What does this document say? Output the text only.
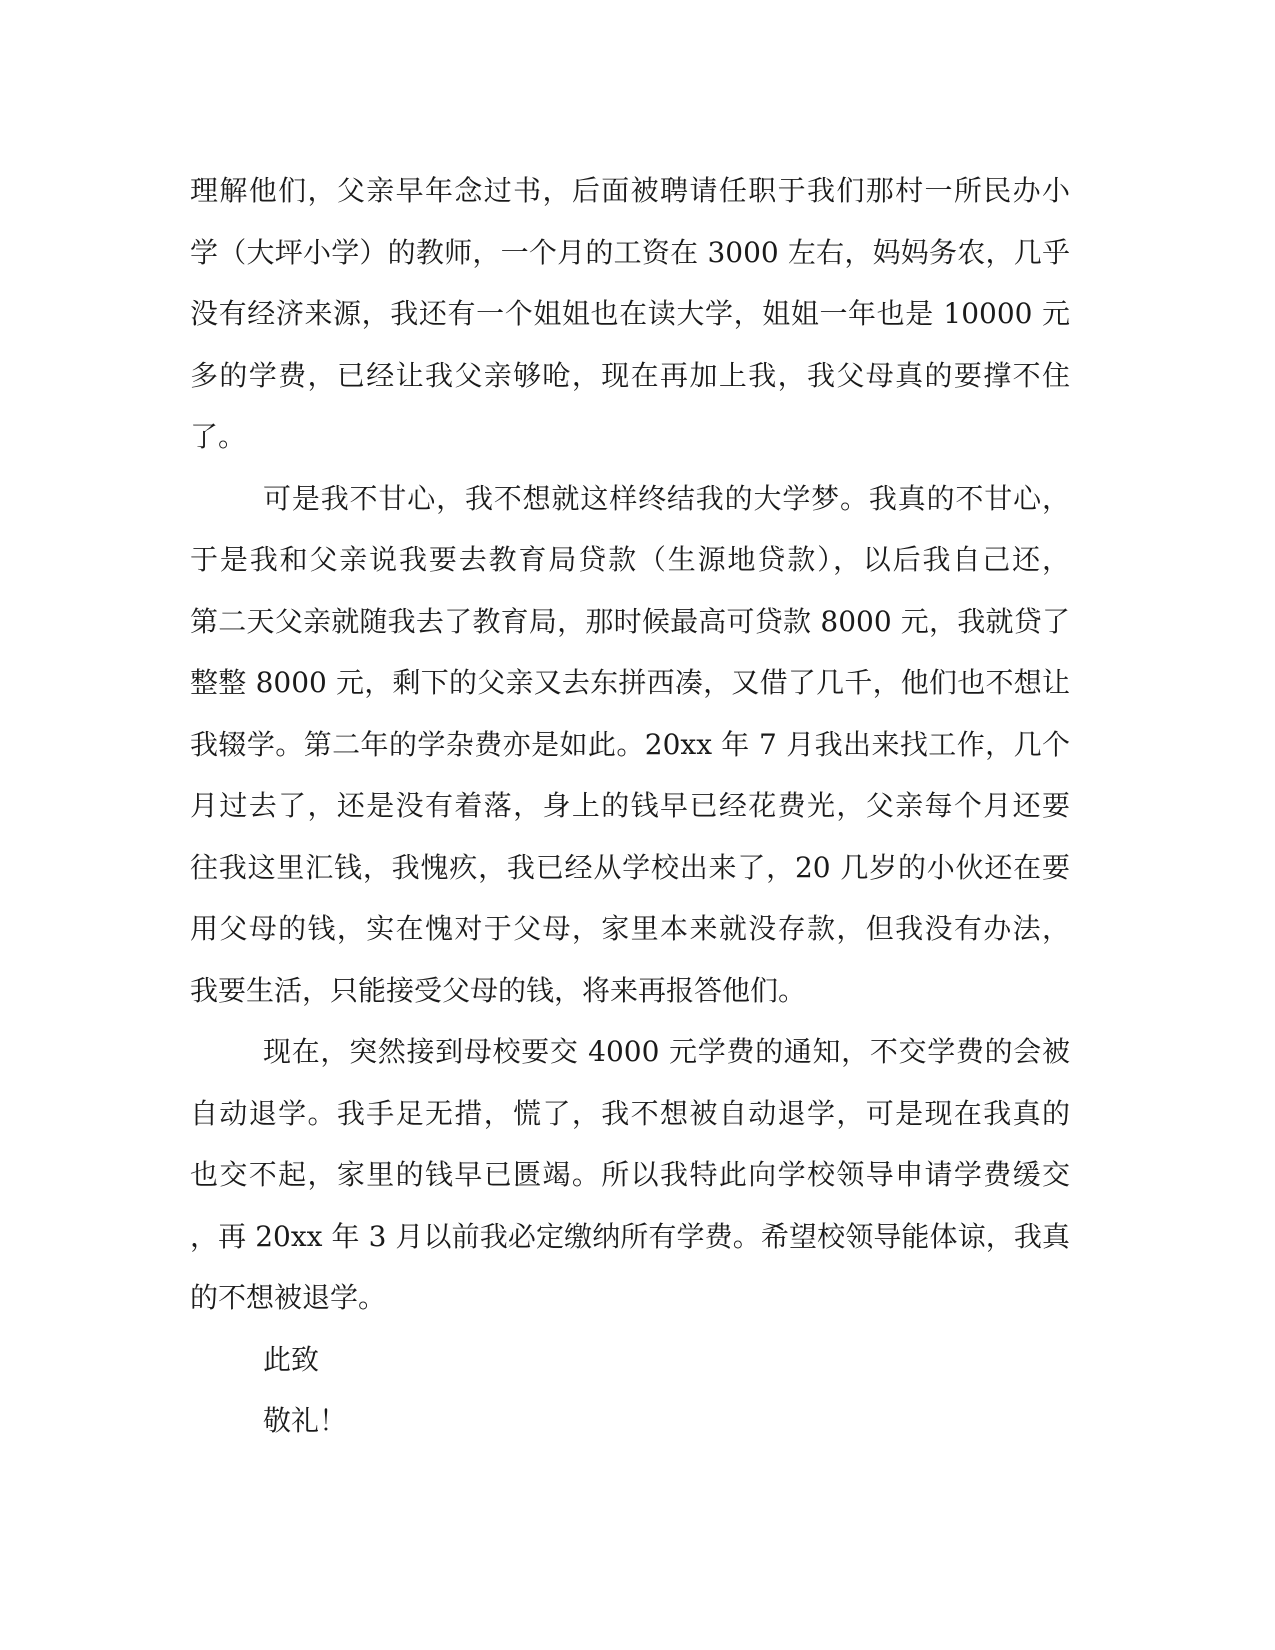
理解他们，父亲早年念过书，后面被聘请任职于我们那村一所民办小
学（大坪小学）的教师，一个月的工资在 3000 左右，妈妈务农，几乎
没有经济来源，我还有一个姐姐也在读大学，姐姐一年也是 10000 元
多的学费，已经让我父亲够呛，现在再加上我，我父母真的要撑不住
了。
可是我不甘心，我不想就这样终结我的大学梦。我真的不甘心，
于是我和父亲说我要去教育局贷款（生源地贷款），以后我自己还，
第二天父亲就随我去了教育局，那时候最高可贷款 8000 元，我就贷了
整整 8000 元，剩下的父亲又去东拼西凑，又借了几千，他们也不想让
我辍学。第二年的学杂费亦是如此。20xx 年 7 月我出来找工作，几个
月过去了，还是没有着落，身上的钱早已经花费光，父亲每个月还要
往我这里汇钱，我愧疚，我已经从学校出来了，20 几岁的小伙还在要
用父母的钱，实在愧对于父母，家里本来就没存款，但我没有办法，
我要生活，只能接受父母的钱，将来再报答他们。
现在，突然接到母校要交 4000 元学费的通知，不交学费的会被
自动退学。我手足无措，慌了，我不想被自动退学，可是现在我真的
也交不起，家里的钱早已匮竭。所以我特此向学校领导申请学费缓交
，再 20xx 年 3 月以前我必定缴纳所有学费。希望校领导能体谅，我真
的不想被退学。
此致
敬礼！
